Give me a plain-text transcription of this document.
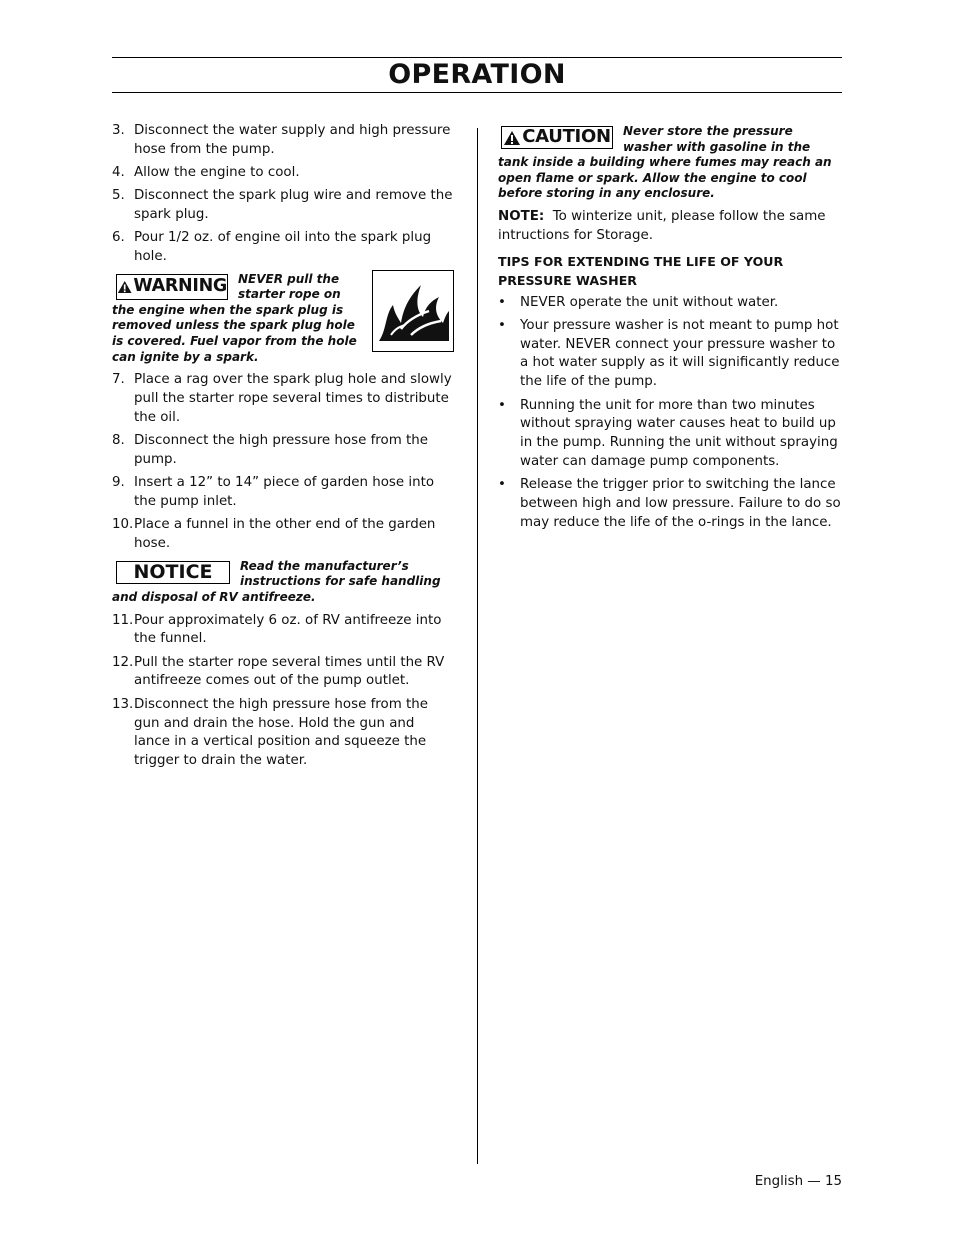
OPERATION
3. Disconnect the water supply and high pressure hose from the pump.
4. Allow the engine to cool.
5. Disconnect the spark plug wire and remove the spark plug.
6. Pour 1/2 oz. of engine oil into the spark plug hole.
WARNING NEVER pull the starter rope on the engine when the spark plug is removed unless the spark plug hole is covered. Fuel vapor from the hole can ignite by a spark.
7. Place a rag over the spark plug hole and slowly pull the starter rope several times to distribute the oil.
8. Disconnect the high pressure hose from the pump.
9. Insert a 12” to 14” piece of garden hose into the pump inlet.
10. Place a funnel in the other end of the garden hose.
NOTICE	Read the manufacturer’s instructions for safe handling and disposal of RV antifreeze.
11. Pour approximately 6 oz. of RV antifreeze into the funnel.
12. Pull the starter rope several times until the RV antifreeze comes out of the pump outlet.
13. Disconnect the high pressure hose from the gun and drain the hose. Hold the gun and lance in a vertical position and squeeze the trigger to drain the water.
CAUTION	Never store the pressure washer with gasoline in the tank inside a building where fumes may reach an open flame or spark. Allow the engine to cool before storing in any enclosure.
NOTE: To winterize unit, please follow the same intructions for Storage.
TIPS FOR EXTENDING THE LIFE OF YOUR PRESSURE WASHER
• NEVER operate the unit without water.
• Your pressure washer is not meant to pump hot water. NEVER connect your pressure washer to a hot water supply as it will significantly reduce the life of the pump.
• Running the unit for more than two minutes without spraying water causes heat to build up in the pump. Running the unit without spraying water can damage pump components.
• Release the trigger prior to switching the lance between high and low pressure. Failure to do so may reduce the life of the o-rings in the lance.
English — 15
